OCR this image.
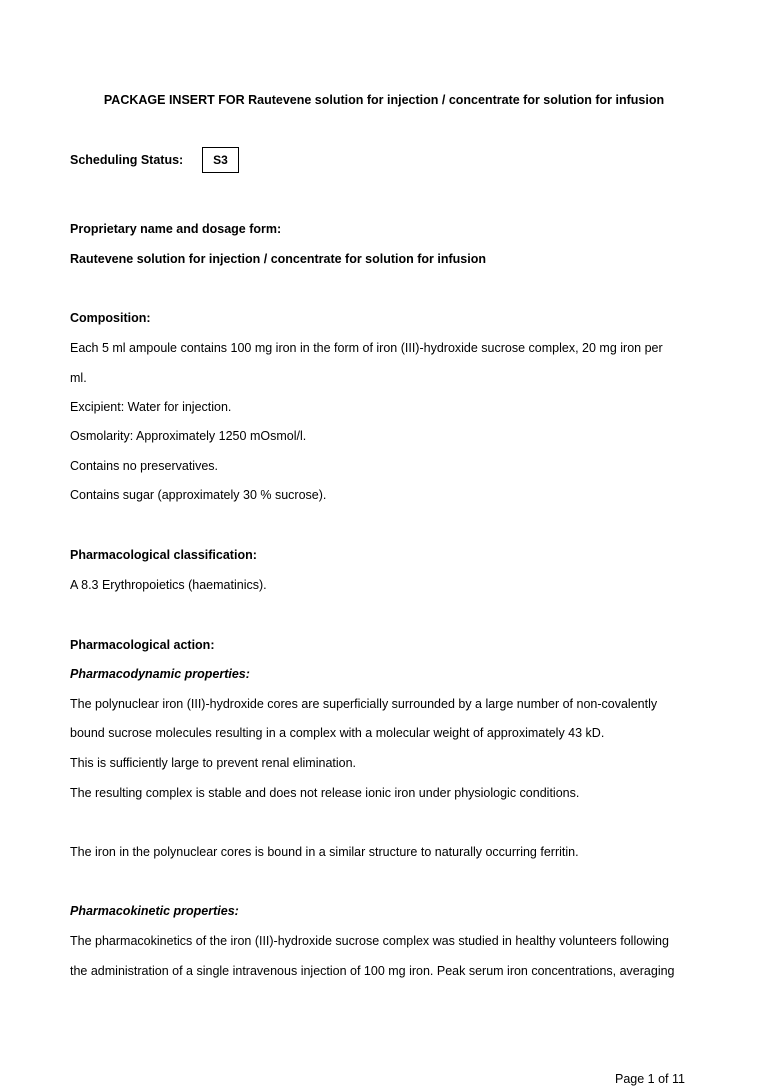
PACKAGE INSERT FOR Rautevene solution for injection / concentrate for solution for infusion
Scheduling Status:	S3
Proprietary name and dosage form:
Rautevene solution for injection / concentrate for solution for infusion
Composition:
Each 5 ml ampoule contains 100 mg iron in the form of iron (III)-hydroxide sucrose complex, 20 mg iron per
ml.
Excipient: Water for injection.
Osmolarity: Approximately 1250 mOsmol/l.
Contains no preservatives.
Contains sugar (approximately 30 % sucrose).
Pharmacological classification:
A 8.3 Erythropoietics (haematinics).
Pharmacological action:
Pharmacodynamic properties:
The polynuclear iron (III)-hydroxide cores are superficially surrounded by a large number of non-covalently
bound sucrose molecules resulting in a complex with a molecular weight of approximately 43 kD.
This is sufficiently large to prevent renal elimination.
The resulting complex is stable and does not release ionic iron under physiologic conditions.
The iron in the polynuclear cores is bound in a similar structure to naturally occurring ferritin.
Pharmacokinetic properties:
The pharmacokinetics of the iron (III)-hydroxide sucrose complex was studied in healthy volunteers following
the administration of a single intravenous injection of 100 mg iron. Peak serum iron concentrations, averaging
Page 1 of 11
